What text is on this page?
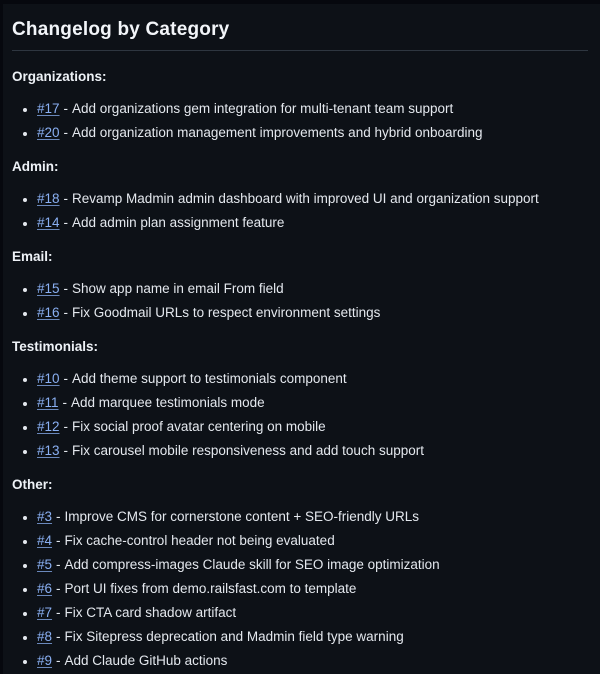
Changelog by Category

Organizations:

• #17 - Add organizations gem integration for multi-tenant team support
• #20 - Add organization management improvements and hybrid onboarding

Admin:

• #18 - Revamp Madmin admin dashboard with improved UI and organization support
• #14 - Add admin plan assignment feature

Email:

• #15 - Show app name in email From field
• #16 - Fix Goodmail URLs to respect environment settings

Testimonials:

• #10 - Add theme support to testimonials component
• #11 - Add marquee testimonials mode
• #12 - Fix social proof avatar centering on mobile
• #13 - Fix carousel mobile responsiveness and add touch support

Other:

• #3 - Improve CMS for cornerstone content + SEO-friendly URLs
• #4 - Fix cache-control header not being evaluated
• #5 - Add compress-images Claude skill for SEO image optimization
• #6 - Port UI fixes from demo.railsfast.com to template
• #7 - Fix CTA card shadow artifact
• #8 - Fix Sitepress deprecation and Madmin field type warning
• #9 - Add Claude GitHub actions
